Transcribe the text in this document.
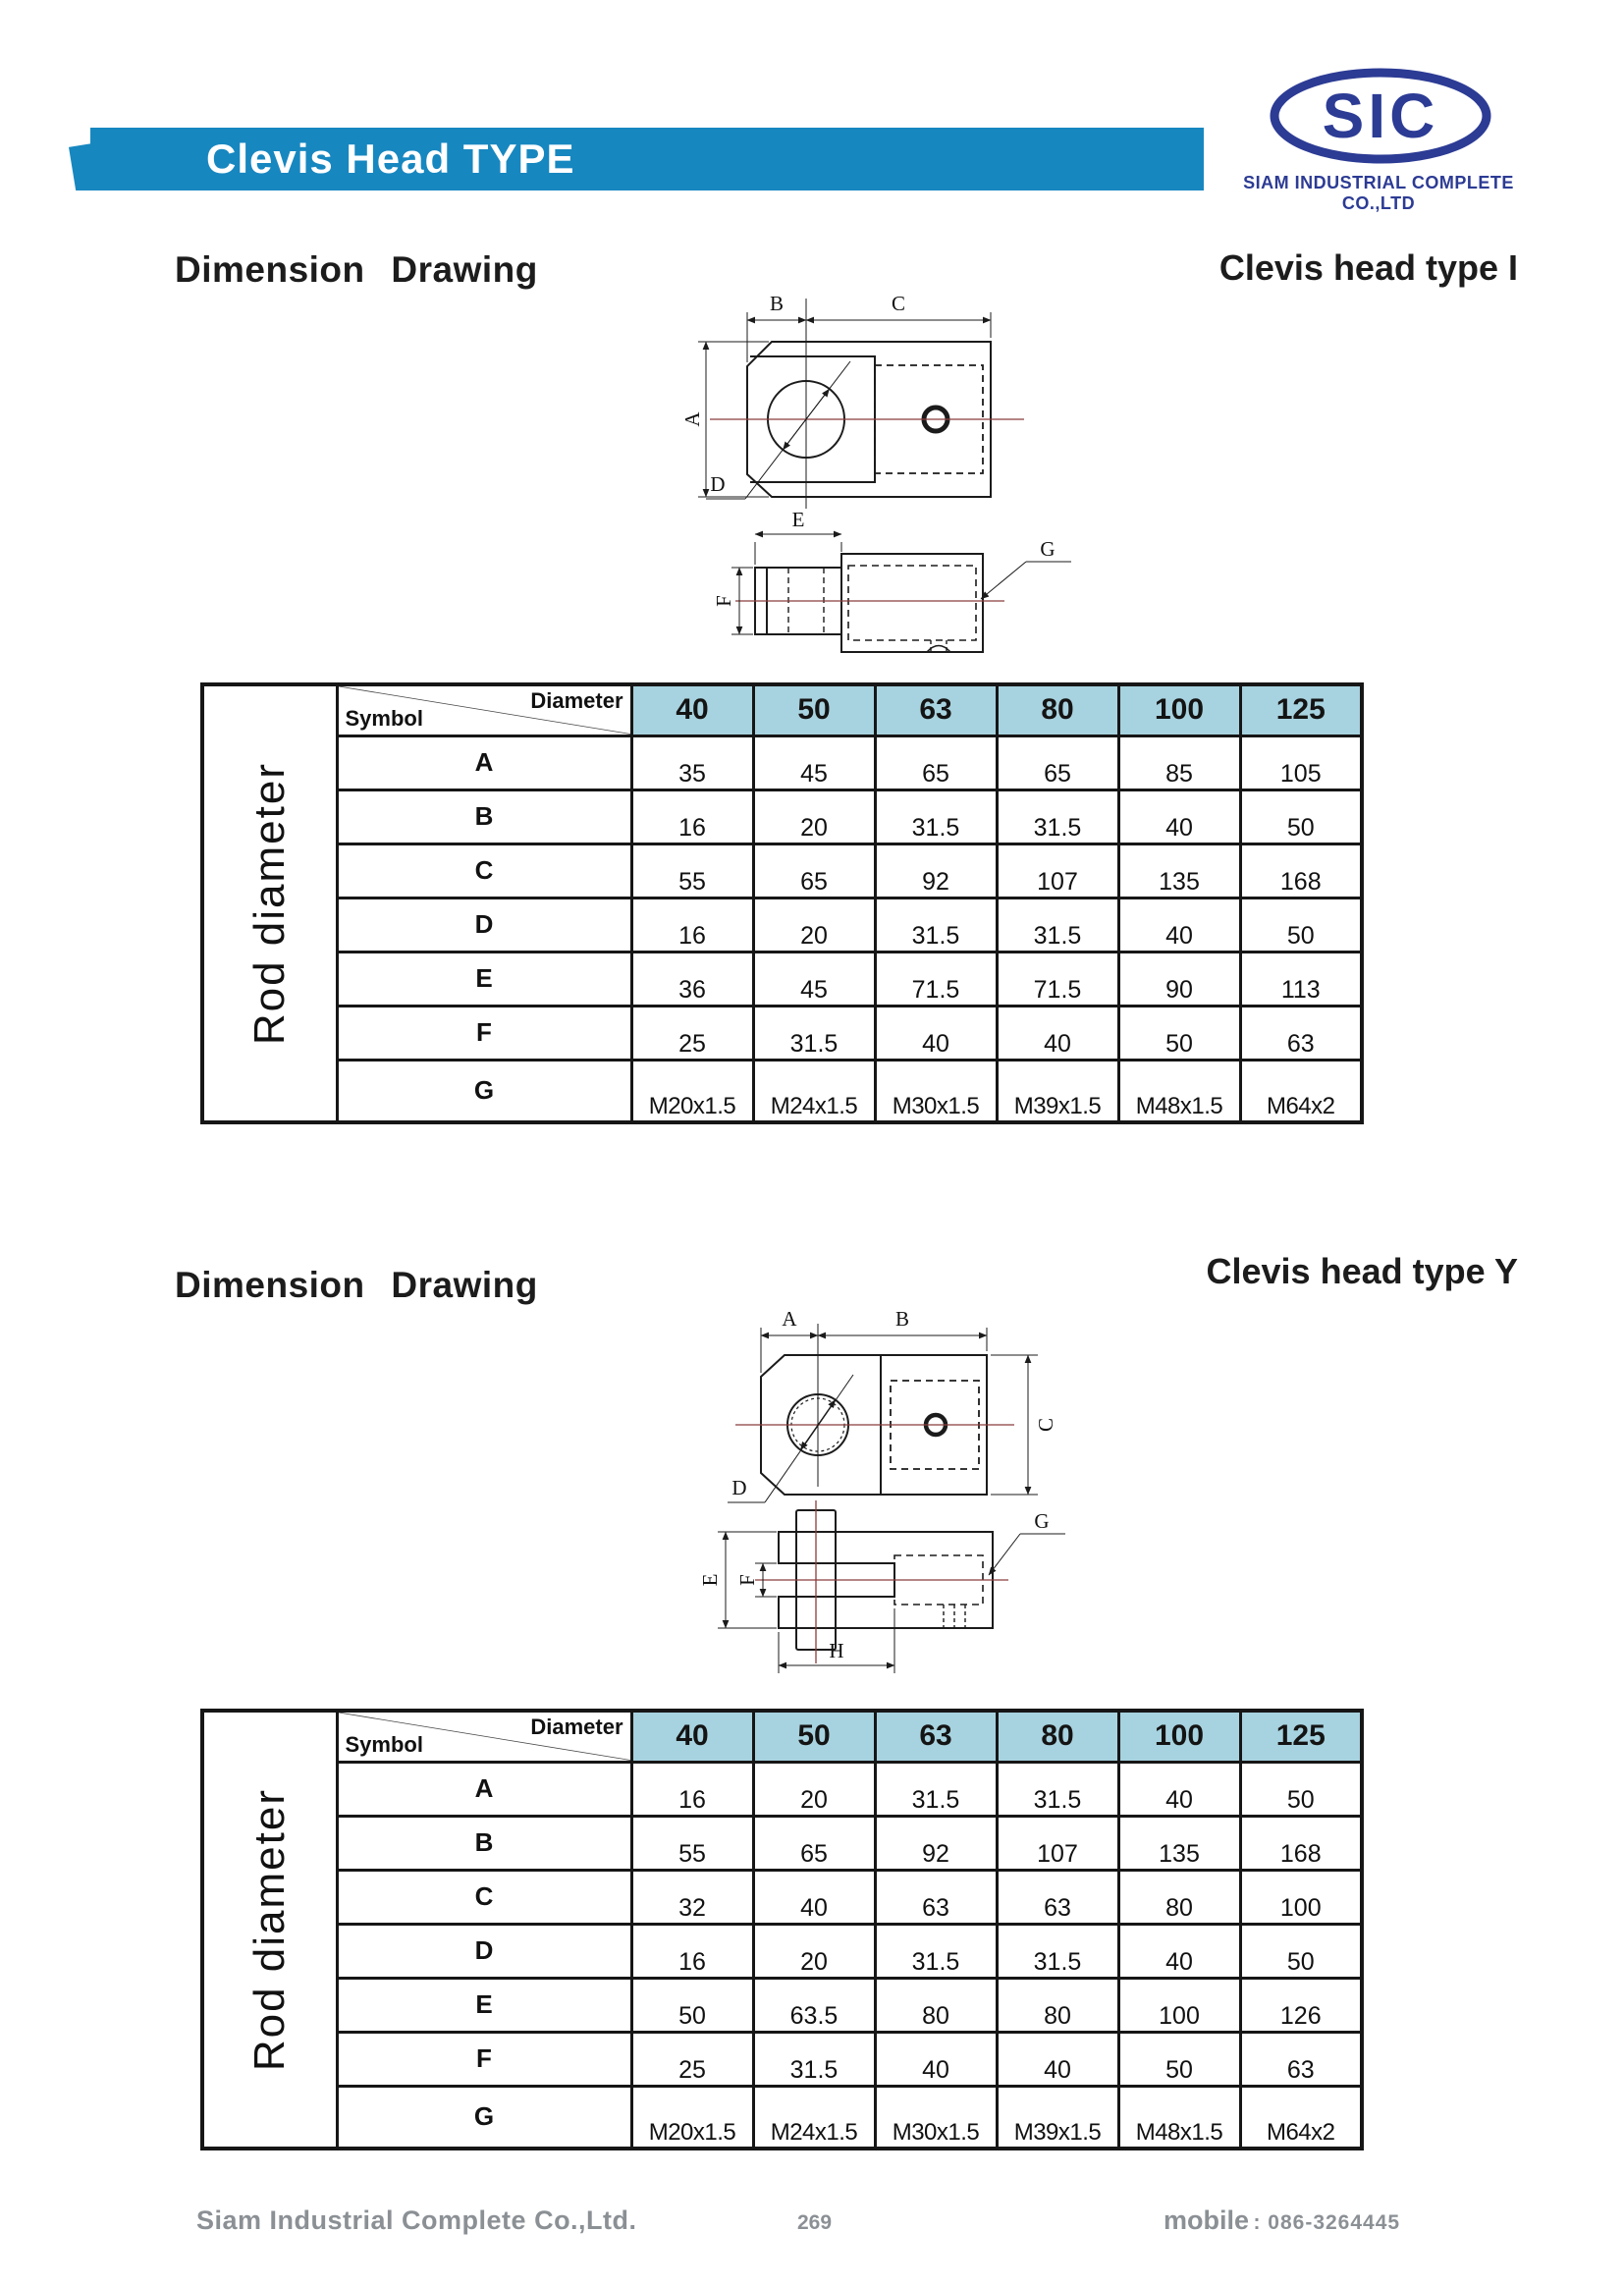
Clevis Head TYPE
SIC
SIAM INDUSTRIAL COMPLETE CO.,LTD
Dimension Drawing	Clevis head type I
B	C
A
D
E
F
G
Rod diameter	Diameter
Symbol	40	50	63	80	100	125
	A	35	45	65	65	85	105
	B	16	20	31.5	31.5	40	50
	C	55	65	92	107	135	168
	D	16	20	31.5	31.5	40	50
	E	36	45	71.5	71.5	90	113
	F	25	31.5	40	40	50	63
	G	M20x1.5	M24x1.5	M30x1.5	M39x1.5	M48x1.5	M64x2
Dimension Drawing	Clevis head type Y
A	B
C
D
E F
G
H
Rod diameter	Diameter
Symbol	40	50	63	80	100	125
	A	16	20	31.5	31.5	40	50
	B	55	65	92	107	135	168
	C	32	40	63	63	80	100
	D	16	20	31.5	31.5	40	50
	E	50	63.5	80	80	100	126
	F	25	31.5	40	40	50	63
	G	M20x1.5	M24x1.5	M30x1.5	M39x1.5	M48x1.5	M64x2
Siam Industrial Complete Co.,Ltd.	269	mobile : 086-3264445
